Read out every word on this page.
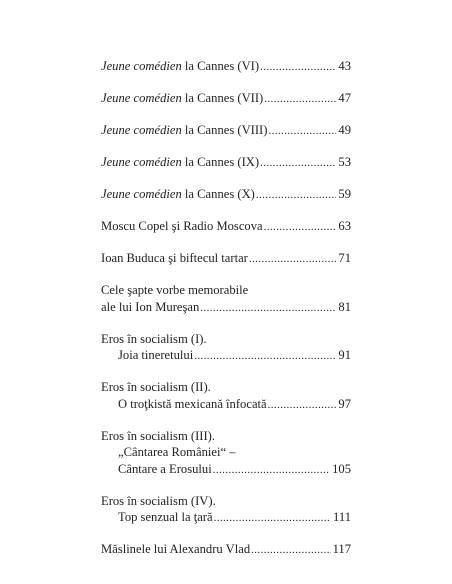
Jeune comédien la Cannes (VI) .....	43
Jeune comédien la Cannes (VII) .....	47
Jeune comédien la Cannes (VIII) .....	49
Jeune comédien la Cannes (IX) .....	53
Jeune comédien la Cannes (X) .....	59
Moscu Copel şi Radio Moscova .....	63
Ioan Buduca şi biftecul tartar .....	71
Cele şapte vorbe memorabile
ale lui Ion Mureşan .....	81
Eros în socialism (I).
Joia tineretului .....	91
Eros în socialism (II).
O troţkistă mexicană înfocată .....	97
Eros în socialism (III).
„Cântarea României“ –
Cântare a Erosului .....	105
Eros în socialism (IV).
Top senzual la ţară .....	111
Măslinele lui Alexandru Vlad .....	117
